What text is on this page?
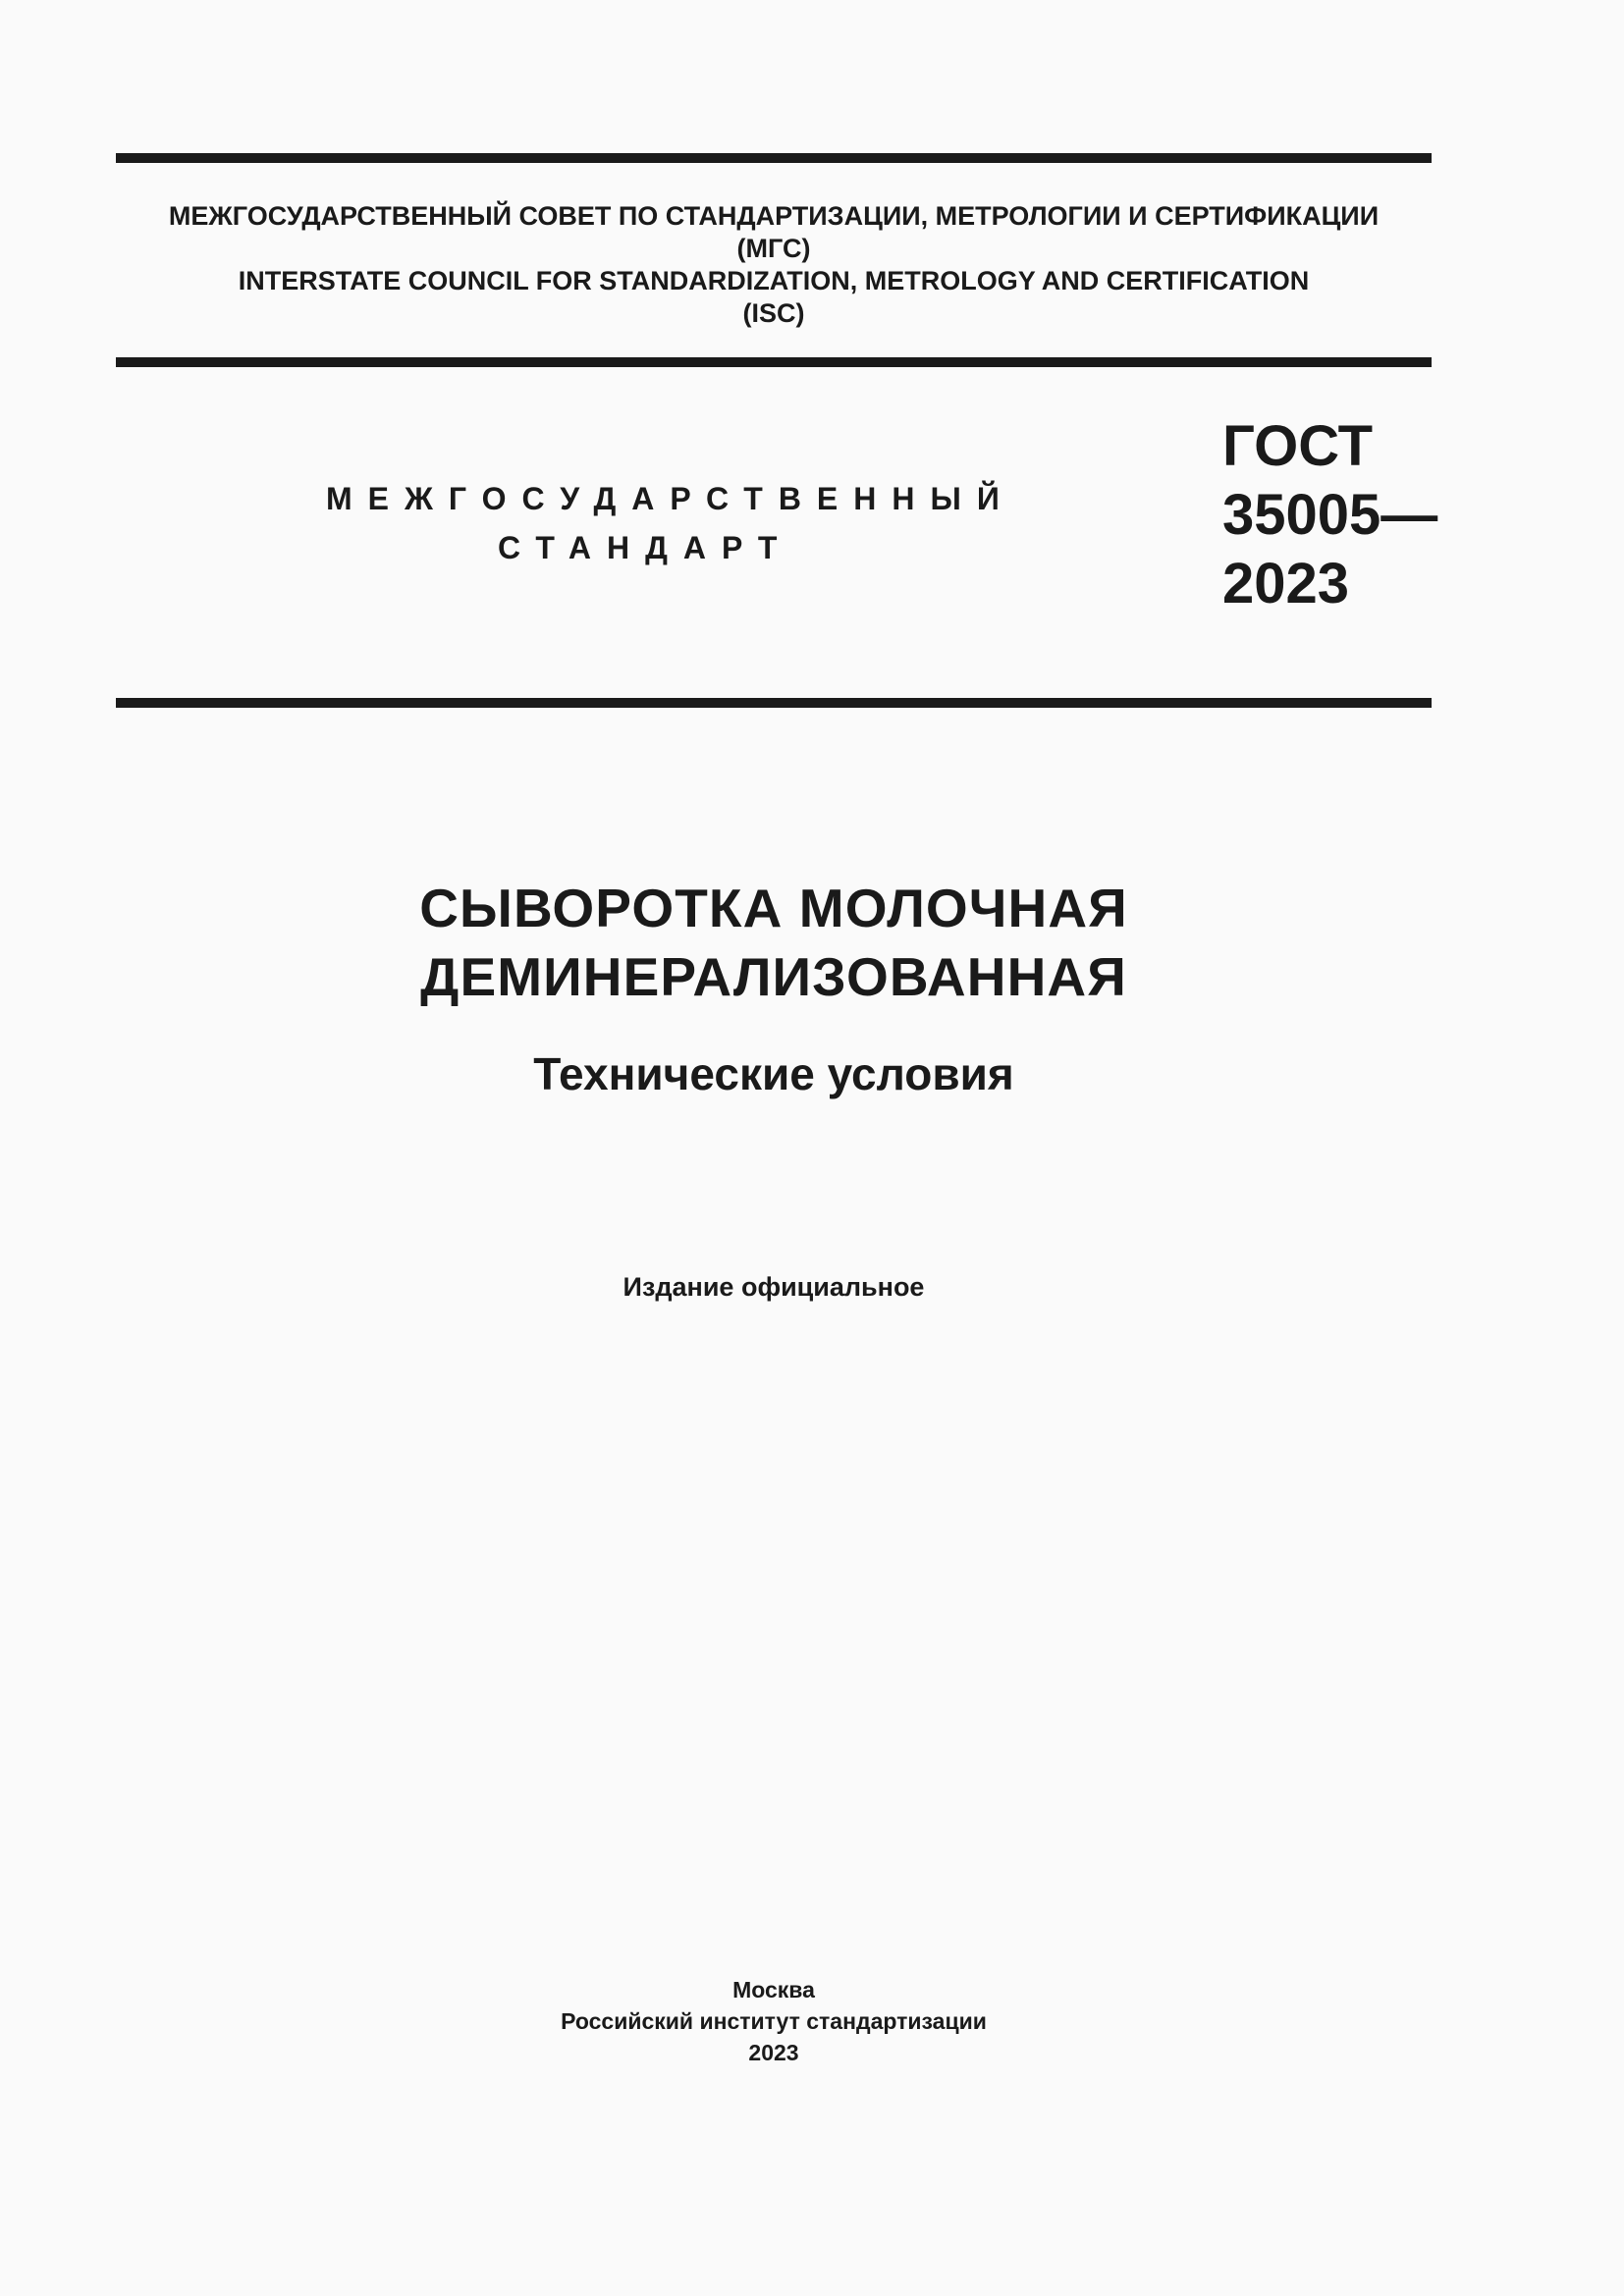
МЕЖГОСУДАРСТВЕННЫЙ СОВЕТ ПО СТАНДАРТИЗАЦИИ, МЕТРОЛОГИИ И СЕРТИФИКАЦИИ
(МГС)
INTERSTATE COUNCIL FOR STANDARDIZATION, METROLOGY AND CERTIFICATION
(ISC)
МЕЖГОСУДАРСТВЕННЫЙ
СТАНДАРТ
ГОСТ
35005—
2023
СЫВОРОТКА МОЛОЧНАЯ
ДЕМИНЕРАЛИЗОВАННАЯ
Технические условия
Издание официальное
Москва
Российский институт стандартизации
2023
